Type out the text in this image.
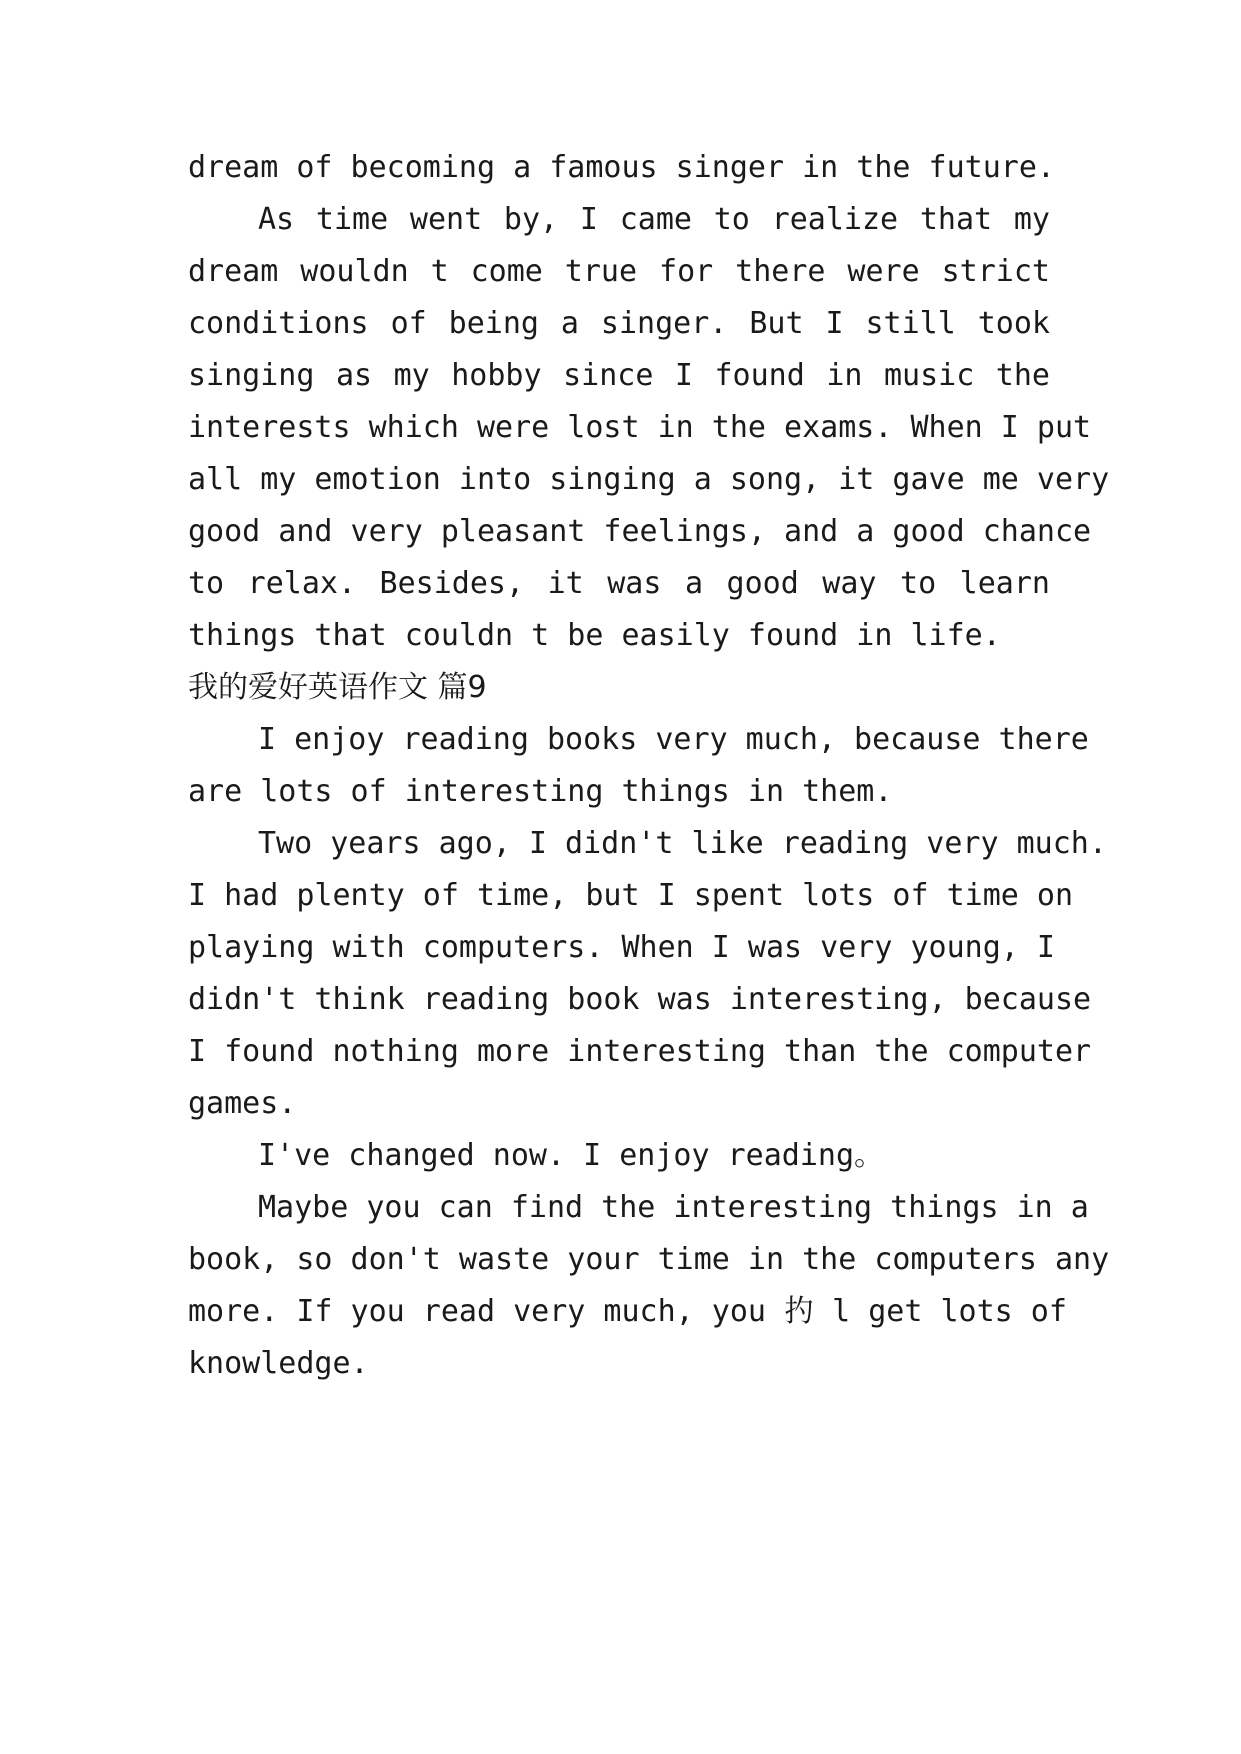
dream of becoming a famous singer in the future.
As time went by, I came to realize that my
dream wouldn t come true for there were strict
conditions of being a singer. But I still took
singing as my hobby since I found in music the
interests which were lost in the exams. When I put
all my emotion into singing a song, it gave me very
good and very pleasant feelings, and a good chance
to relax. Besides, it was a good way to learn
things that couldn t be easily found in life.
我的爱好英语作文 篇9
I enjoy reading books very much, because there
are lots of interesting things in them.
Two years ago, I didn't like reading very much.
I had plenty of time, but I spent lots of time on
playing with computers. When I was very young, I
didn't think reading book was interesting, because
I found nothing more interesting than the computer
games.
I've changed now. I enjoy reading。
Maybe you can find the interesting things in a
book, so don't waste your time in the computers any
more. If you read very much, you 扚 l get lots of
knowledge.
